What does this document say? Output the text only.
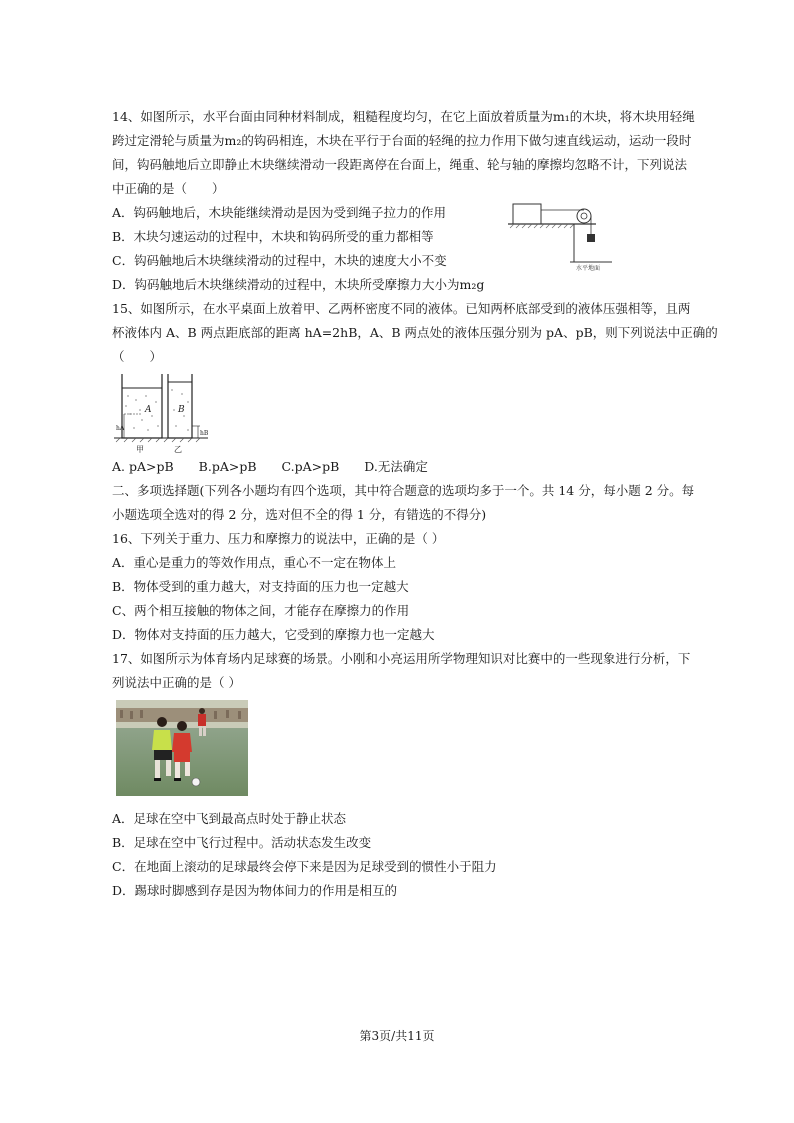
14、如图所示，水平台面由同种材料制成，粗糙程度均匀，在它上面放着质量为m₁的木块，将木块用轻绳
跨过定滑轮与质量为m₂的钩码相连，木块在平行于台面的轻绳的拉力作用下做匀速直线运动，运动一段时
间，钩码触地后立即静止木块继续滑动一段距离停在台面上，绳重、轮与轴的摩擦均忽略不计，下列说法
中正确的是（　　）
A．钩码触地后，木块能继续滑动是因为受到绳子拉力的作用
B．木块匀速运动的过程中，木块和钩码所受的重力都相等
C．钩码触地后木块继续滑动的过程中，木块的速度大小不变
D．钩码触地后木块继续滑动的过程中，木块所受摩擦力大小为m₂g
水平地面
15、如图所示，在水平桌面上放着甲、乙两杯密度不同的液体。已知两杯底部受到的液体压强相等，且两
杯液体内 A、B 两点距底部的距离 hA=2hB，A、B 两点处的液体压强分别为 pA、pB，则下列说法中正确的
（　　）
A
hA
B
hB
甲	乙
A. pA>pB　　B.pA>pB　　C.pA>pB　　D.无法确定
二、多项选择题(下列各小题均有四个选项，其中符合题意的选项均多于一个。共 14 分，每小题 2 分。每
小题选项全选对的得 2 分，选对但不全的得 1 分，有错选的不得分)
16、下列关于重力、压力和摩擦力的说法中，正确的是（ ）
A．重心是重力的等效作用点，重心不一定在物体上
B．物体受到的重力越大，对支持面的压力也一定越大
C、两个相互接触的物体之间，才能存在摩擦力的作用
D．物体对支持面的压力越大，它受到的摩擦力也一定越大
17、如图所示为体育场内足球赛的场景。小刚和小亮运用所学物理知识对比赛中的一些现象进行分析，下
列说法中正确的是（ ）
A．足球在空中飞到最高点时处于静止状态
B．足球在空中飞行过程中。活动状态发生改变
C．在地面上滚动的足球最终会停下来是因为足球受到的惯性小于阻力
D．踢球时脚感到存是因为物体间力的作用是相互的
第3页/共11页
